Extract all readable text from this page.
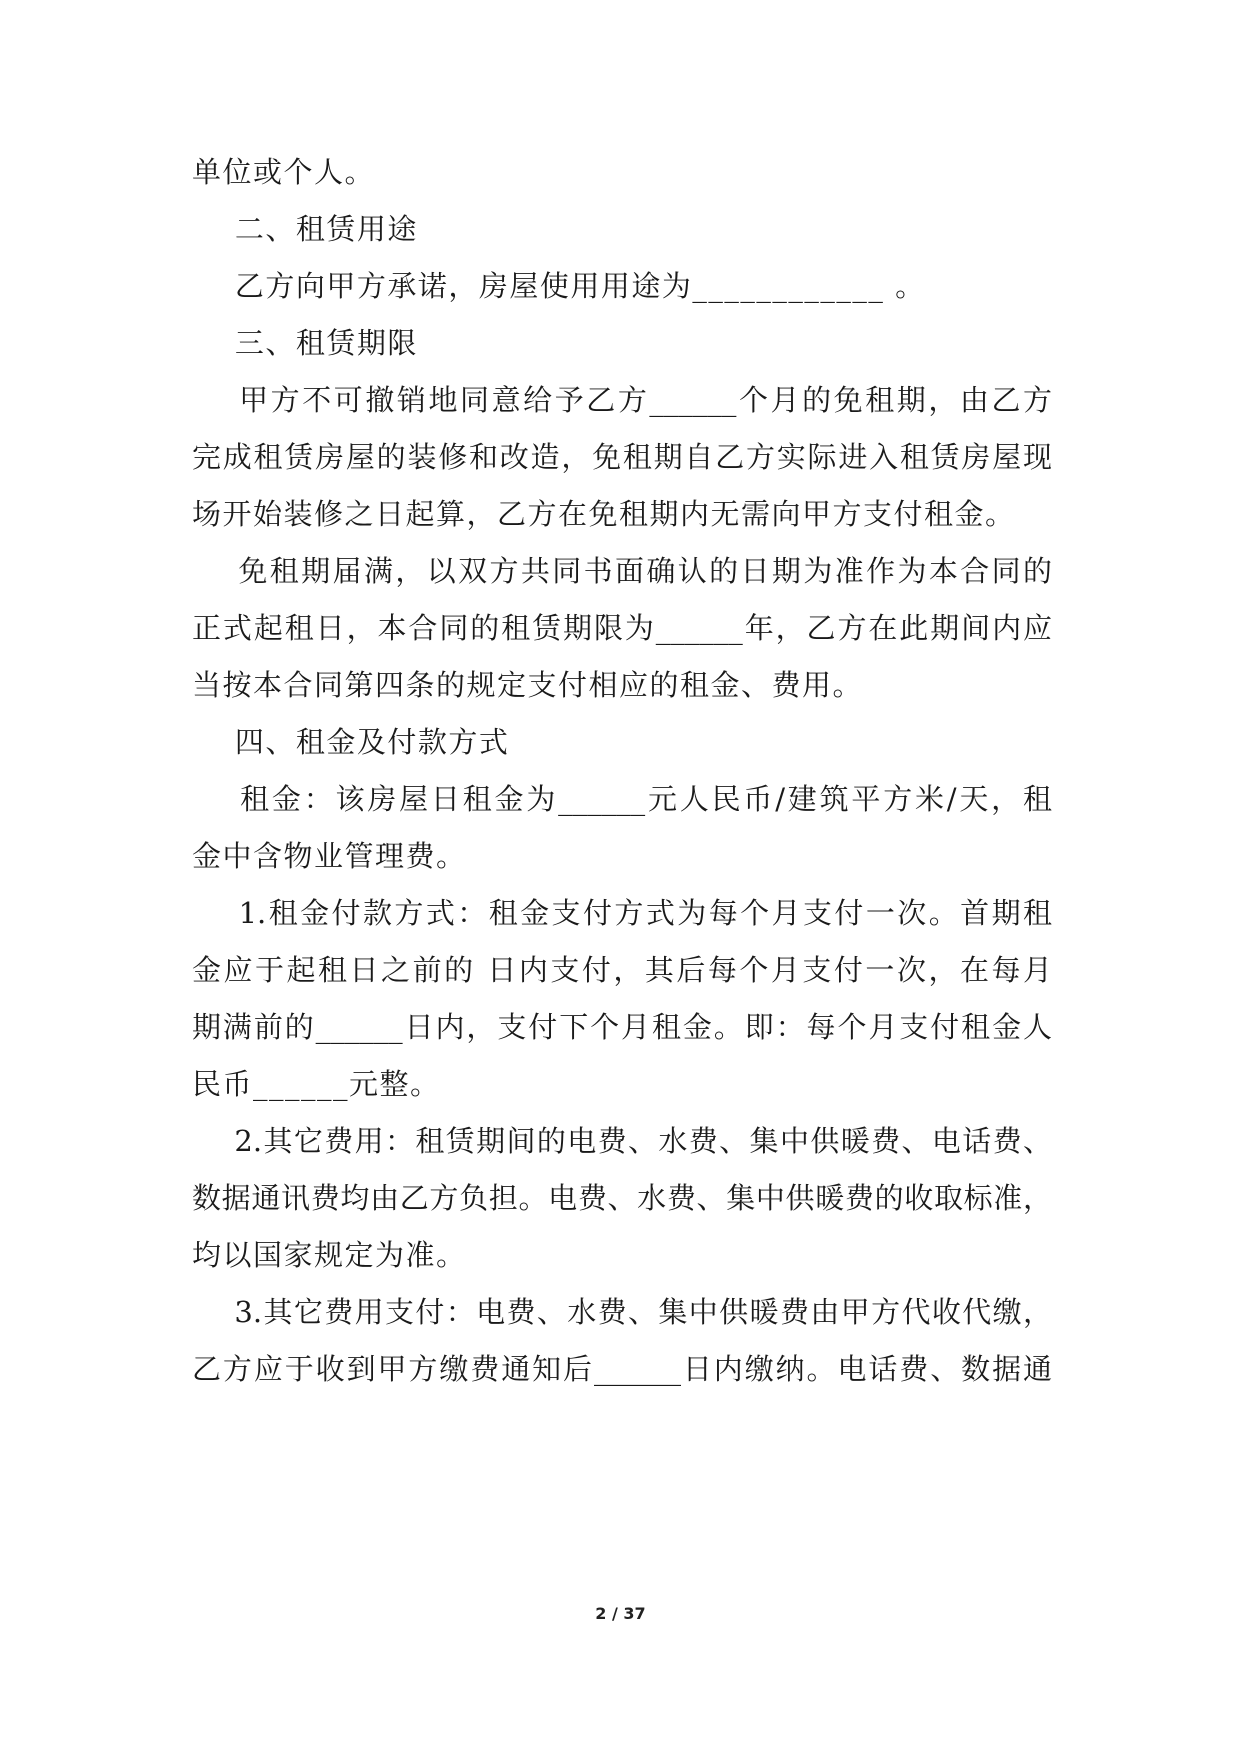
单位或个人。
二、租赁用途
乙方向甲方承诺，房屋使用用途为____________ 。
三、租赁期限
甲方不可撤销地同意给予乙方______个月的免租期，由乙方
完成租赁房屋的装修和改造，免租期自乙方实际进入租赁房屋现
场开始装修之日起算，乙方在免租期内无需向甲方支付租金。
免租期届满，以双方共同书面确认的日期为准作为本合同的
正式起租日，本合同的租赁期限为______年，乙方在此期间内应
当按本合同第四条的规定支付相应的租金、费用。
四、租金及付款方式
租金：该房屋日租金为______元人民币/建筑平方米/天，租
金中含物业管理费。
1.租金付款方式：租金支付方式为每个月支付一次。首期租
金应于起租日之前的 日内支付，其后每个月支付一次，在每月
期满前的______日内，支付下个月租金。即：每个月支付租金人
民币______元整。
2.其它费用：租赁期间的电费、水费、集中供暖费、电话费、
数据通讯费均由乙方负担。电费、水费、集中供暖费的收取标准，
均以国家规定为准。
3.其它费用支付：电费、水费、集中供暖费由甲方代收代缴，
乙方应于收到甲方缴费通知后______日内缴纳。电话费、数据通
2 / 37
